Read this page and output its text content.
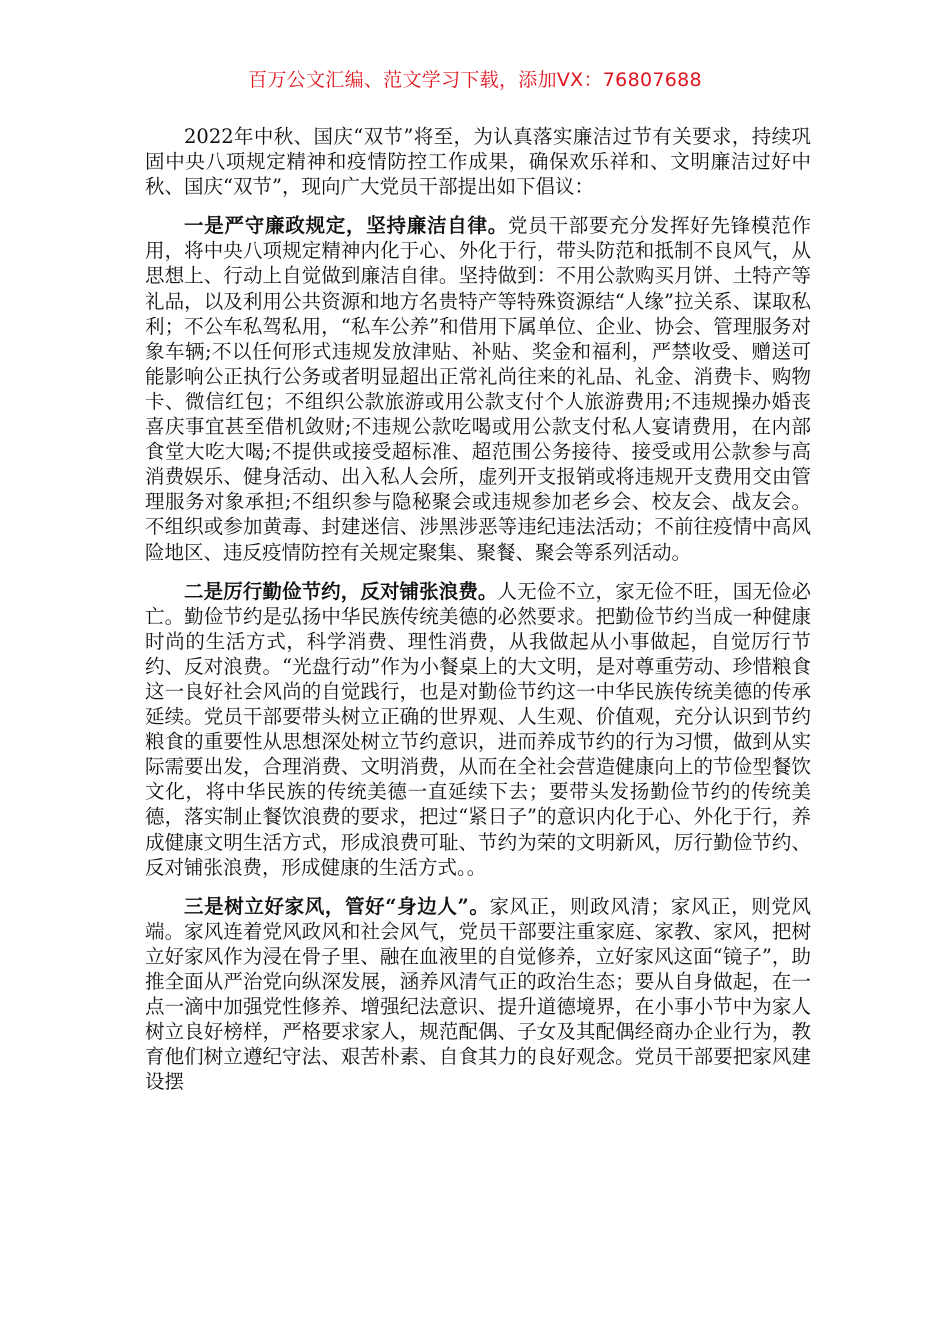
百万公文汇编、范文学习下载，添加VX：76807688

2022年中秋、国庆“双节”将至，为认真落实廉洁过节有关要求，持续巩固中央八项规定精神和疫情防控工作成果，确保欢乐祥和、文明廉洁过好中秋、国庆“双节”，现向广大党员干部提出如下倡议：

一是严守廉政规定，坚持廉洁自律。党员干部要充分发挥好先锋模范作用，将中央八项规定精神内化于心、外化于行，带头防范和抵制不良风气，从思想上、行动上自觉做到廉洁自律。坚持做到：不用公款购买月饼、土特产等礼品，以及利用公共资源和地方名贵特产等特殊资源结“人缘”拉关系、谋取私利；不公车私驾私用，“私车公养”和借用下属单位、企业、协会、管理服务对象车辆;不以任何形式违规发放津贴、补贴、奖金和福利，严禁收受、赠送可能影响公正执行公务或者明显超出正常礼尚往来的礼品、礼金、消费卡、购物卡、微信红包；不组织公款旅游或用公款支付个人旅游费用;不违规操办婚丧喜庆事宜甚至借机敛财;不违规公款吃喝或用公款支付私人宴请费用，在内部食堂大吃大喝;不提供或接受超标准、超范围公务接待、接受或用公款参与高消费娱乐、健身活动、出入私人会所，虚列开支报销或将违规开支费用交由管理服务对象承担;不组织参与隐秘聚会或违规参加老乡会、校友会、战友会。不组织或参加黄毒、封建迷信、涉黑涉恶等违纪违法活动；不前往疫情中高风险地区、违反疫情防控有关规定聚集、聚餐、聚会等系列活动。

二是厉行勤俭节约，反对铺张浪费。人无俭不立，家无俭不旺，国无俭必亡。勤俭节约是弘扬中华民族传统美德的必然要求。把勤俭节约当成一种健康时尚的生活方式，科学消费、理性消费，从我做起从小事做起，自觉厉行节约、反对浪费。“光盘行动”作为小餐桌上的大文明，是对尊重劳动、珍惜粮食这一良好社会风尚的自觉践行，也是对勤俭节约这一中华民族传统美德的传承延续。党员干部要带头树立正确的世界观、人生观、价值观，充分认识到节约粮食的重要性从思想深处树立节约意识，进而养成节约的行为习惯，做到从实际需要出发，合理消费、文明消费，从而在全社会营造健康向上的节俭型餐饮文化，将中华民族的传统美德一直延续下去；要带头发扬勤俭节约的传统美德，落实制止餐饮浪费的要求，把过“紧日子”的意识内化于心、外化于行，养成健康文明生活方式，形成浪费可耻、节约为荣的文明新风，厉行勤俭节约、反对铺张浪费，形成健康的生活方式。。

三是树立好家风，管好“身边人”。家风正，则政风清；家风正，则党风端。家风连着党风政风和社会风气，党员干部要注重家庭、家教、家风，把树立好家风作为浸在骨子里、融在血液里的自觉修养，立好家风这面“镜子”，助推全面从严治党向纵深发展，涵养风清气正的政治生态；要从自身做起，在一点一滴中加强党性修养、增强纪法意识、提升道德境界，在小事小节中为家人树立良好榜样，严格要求家人，规范配偶、子女及其配偶经商办企业行为，教育他们树立遵纪守法、艰苦朴素、自食其力的良好观念。党员干部要把家风建设摆
